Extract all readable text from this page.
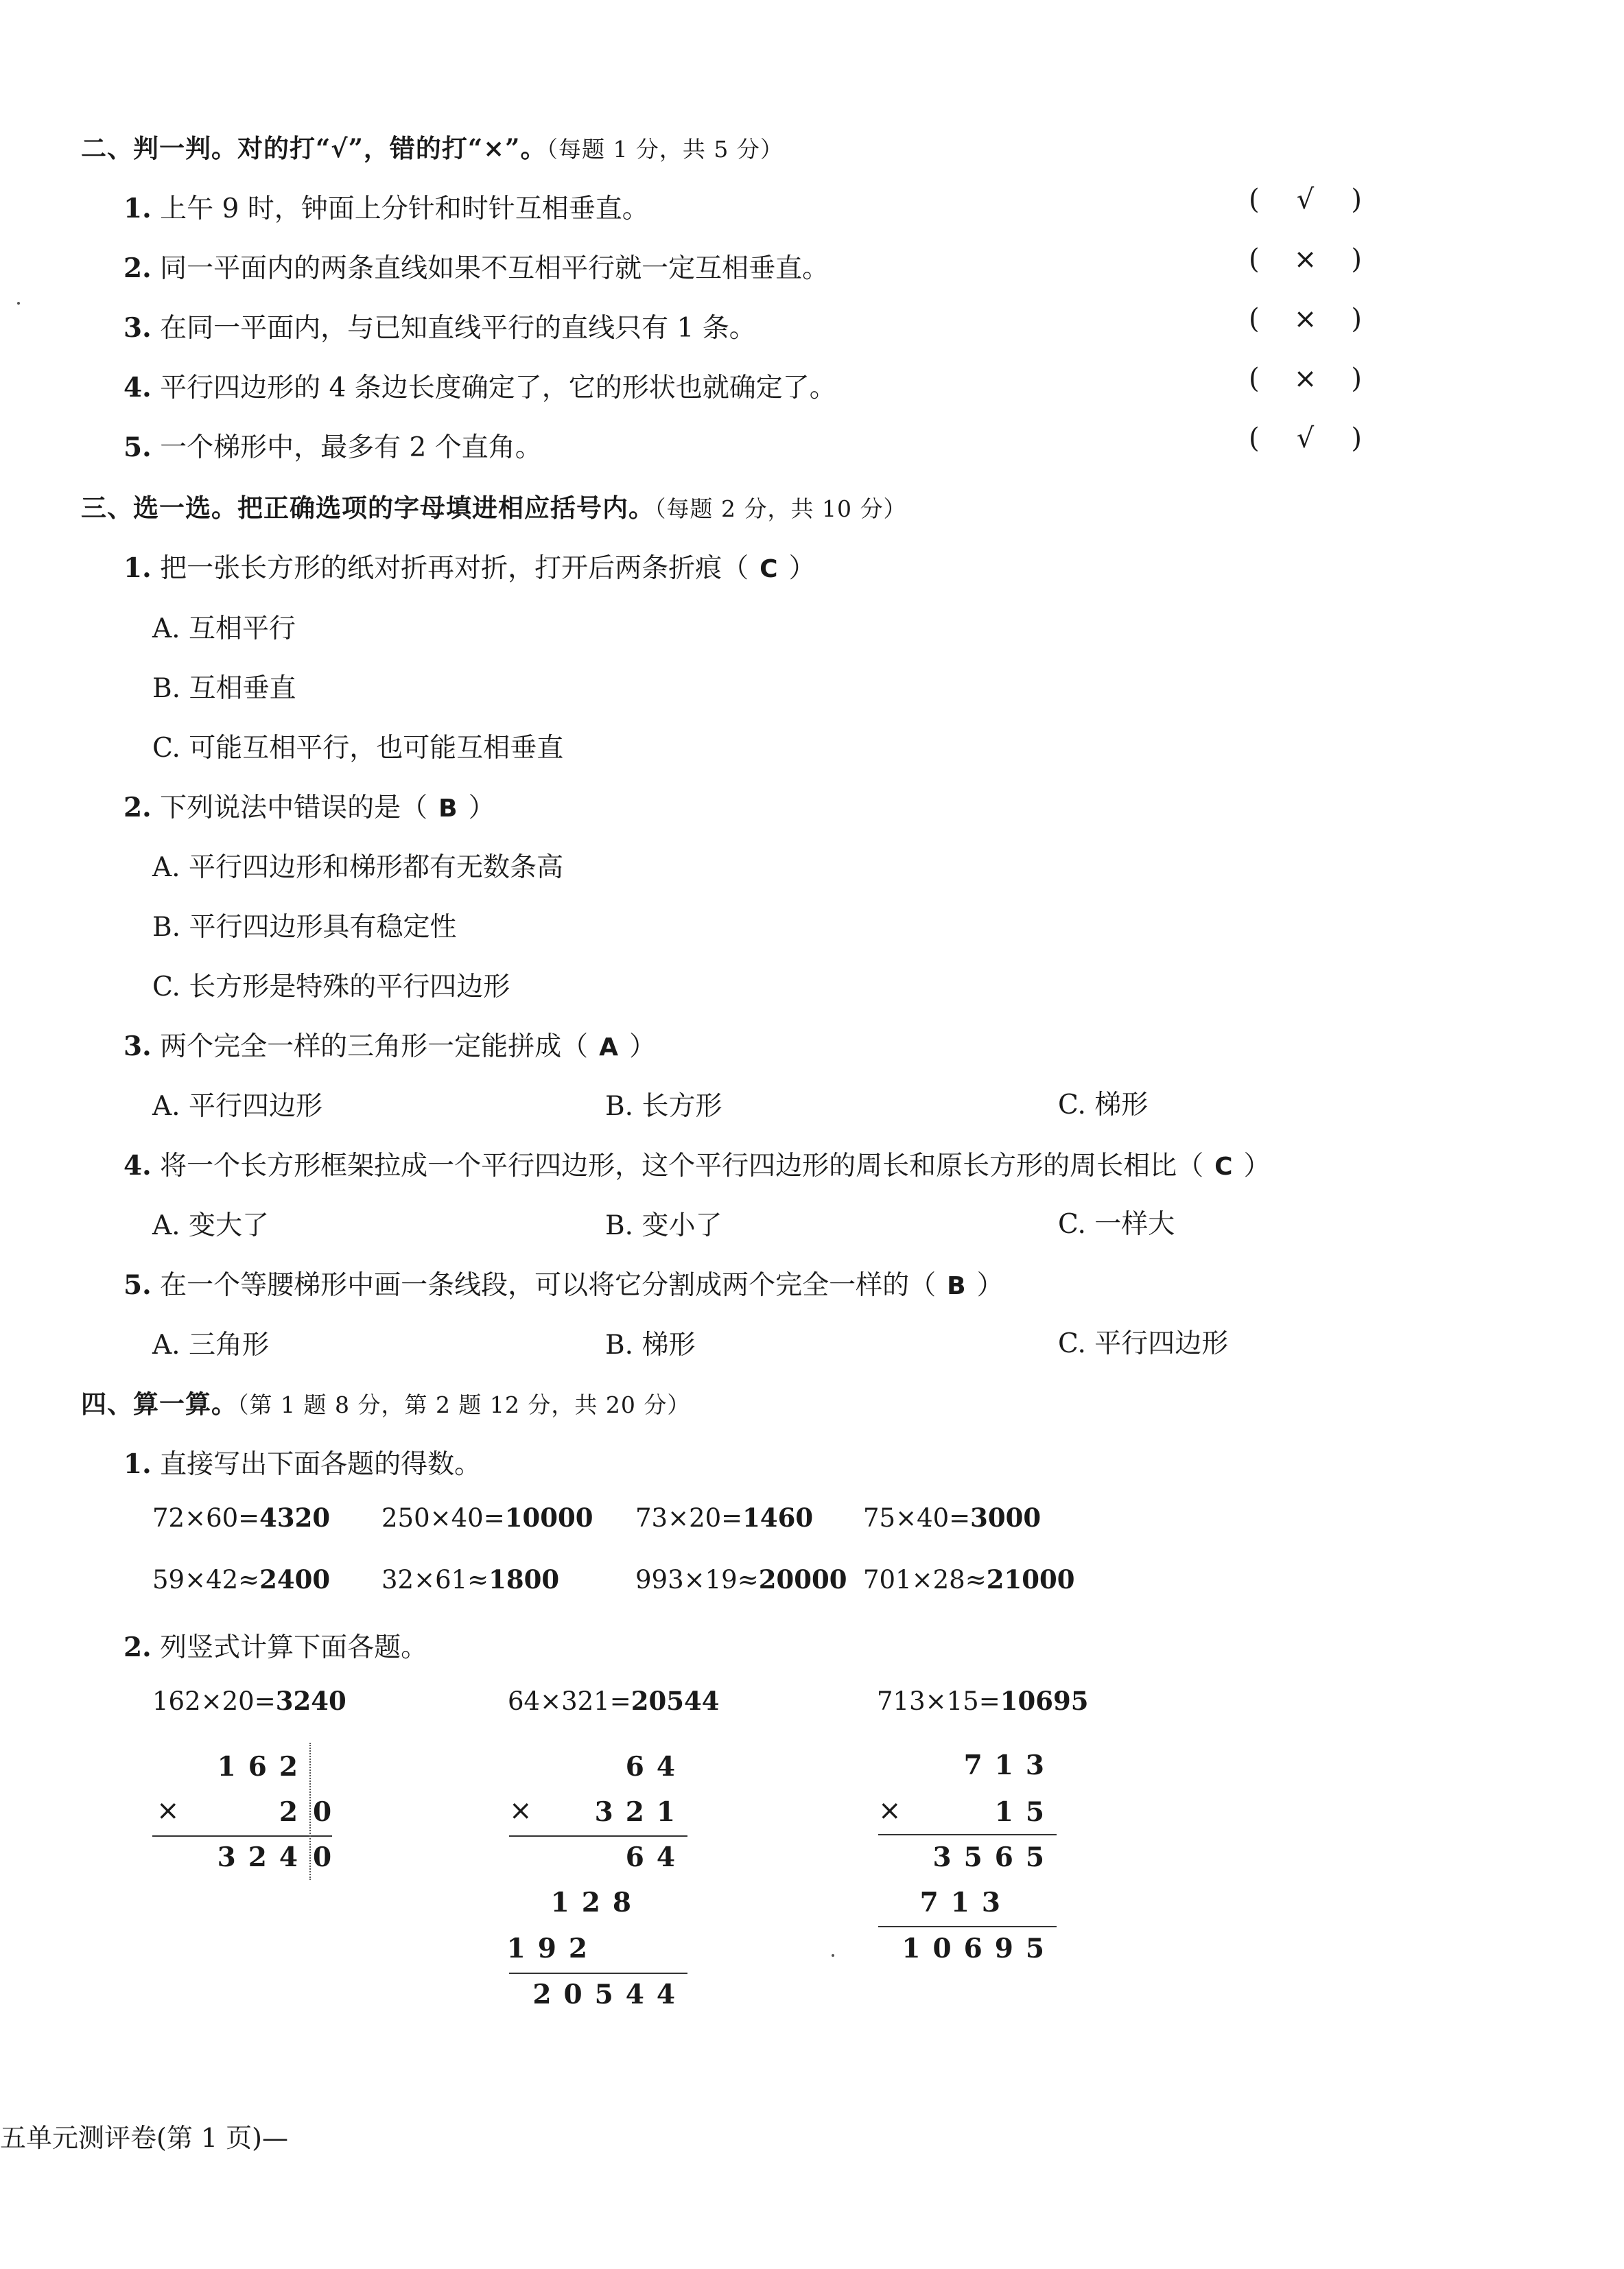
二、判一判。对的打“√”，错的打“×”。（每题 1 分，共 5 分）
1. 上午 9 时，钟面上分针和时针互相垂直。	( √ )
2. 同一平面内的两条直线如果不互相平行就一定互相垂直。	( × )
3. 在同一平面内，与已知直线平行的直线只有 1 条。	( × )
4. 平行四边形的 4 条边长度确定了，它的形状也就确定了。	( × )
5. 一个梯形中，最多有 2 个直角。	( √ )
三、选一选。把正确选项的字母填进相应括号内。（每题 2 分，共 10 分）
1. 把一张长方形的纸对折再对折，打开后两条折痕（ C ）
A. 互相平行
B. 互相垂直
C. 可能互相平行，也可能互相垂直
2. 下列说法中错误的是（ B ）
A. 平行四边形和梯形都有无数条高
B. 平行四边形具有稳定性
C. 长方形是特殊的平行四边形
3. 两个完全一样的三角形一定能拼成（ A ）
A. 平行四边形	B. 长方形	C. 梯形
4. 将一个长方形框架拉成一个平行四边形，这个平行四边形的周长和原长方形的周长相比（ C ）
A. 变大了	B. 变小了	C. 一样大
5. 在一个等腰梯形中画一条线段，可以将它分割成两个完全一样的（ B ）
A. 三角形	B. 梯形	C. 平行四边形
四、算一算。（第 1 题 8 分，第 2 题 12 分，共 20 分）
1. 直接写出下面各题的得数。
72×60=4320 250×40=10000 73×20=1460 75×40=3000
59×42≈2400 32×61≈1800	993×19≈20000 701×28≈21000
2. 列竖式计算下面各题。
162×20=3240	64×321=20544	713×15=10695
162
×	2 0
324 0
64
× 321
64
128
192
20544
713
×	15
3565
713
10695
五单元测评卷(第 1 页)—
